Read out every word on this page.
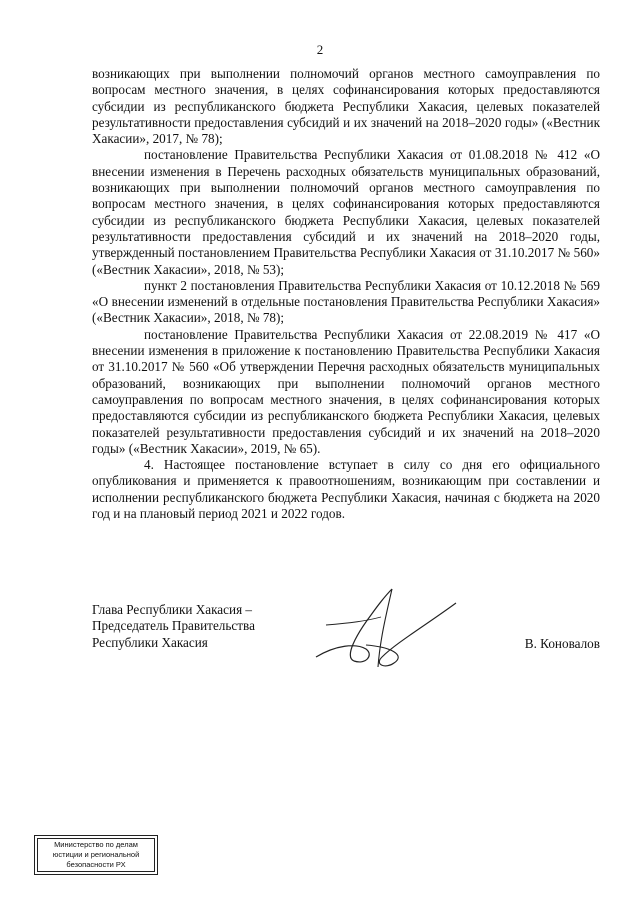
2

возникающих при выполнении полномочий органов местного самоуправления по вопросам местного значения, в целях софинансирования которых предоставляются субсидии из республиканского бюджета Республики Хакасия, целевых показателей результативности предоставления субсидий и их значений на 2018–2020 годы» («Вестник Хакасии», 2017, № 78);

постановление Правительства Республики Хакасия от 01.08.2018 № 412 «О внесении изменения в Перечень расходных обязательств муниципальных образований, возникающих при выполнении полномочий органов местного самоуправления по вопросам местного значения, в целях софинансирования которых предоставляются субсидии из республиканского бюджета Республики Хакасия, целевых показателей результативности предоставления субсидий и их значений на 2018–2020 годы, утвержденный постановлением Правительства Республики Хакасия от 31.10.2017 № 560» («Вестник Хакасии», 2018, № 53);

пункт 2 постановления Правительства Республики Хакасия от 10.12.2018 № 569 «О внесении изменений в отдельные постановления Правительства Республики Хакасия» («Вестник Хакасии», 2018, № 78);

постановление Правительства Республики Хакасия от 22.08.2019 № 417 «О внесении изменения в приложение к постановлению Правительства Республики Хакасия от 31.10.2017 № 560 «Об утверждении Перечня расходных обязательств муниципальных образований, возникающих при выполнении полномочий органов местного самоуправления по вопросам местного значения, в целях софинансирования которых предоставляются субсидии из республиканского бюджета Республики Хакасия, целевых показателей результативности предоставления субсидий и их значений на 2018–2020 годы» («Вестник Хакасии», 2019, № 65).

4. Настоящее постановление вступает в силу со дня его официального опубликования и применяется к правоотношениям, возникающим при составлении и исполнении республиканского бюджета Республики Хакасия, начиная с бюджета на 2020 год и на плановый период 2021 и 2022 годов.

Глава Республики Хакасия –
Председатель Правительства
Республики Хакасия	В. Коновалов
Министерство по делам
юстиции и региональной
безопасности РХ
